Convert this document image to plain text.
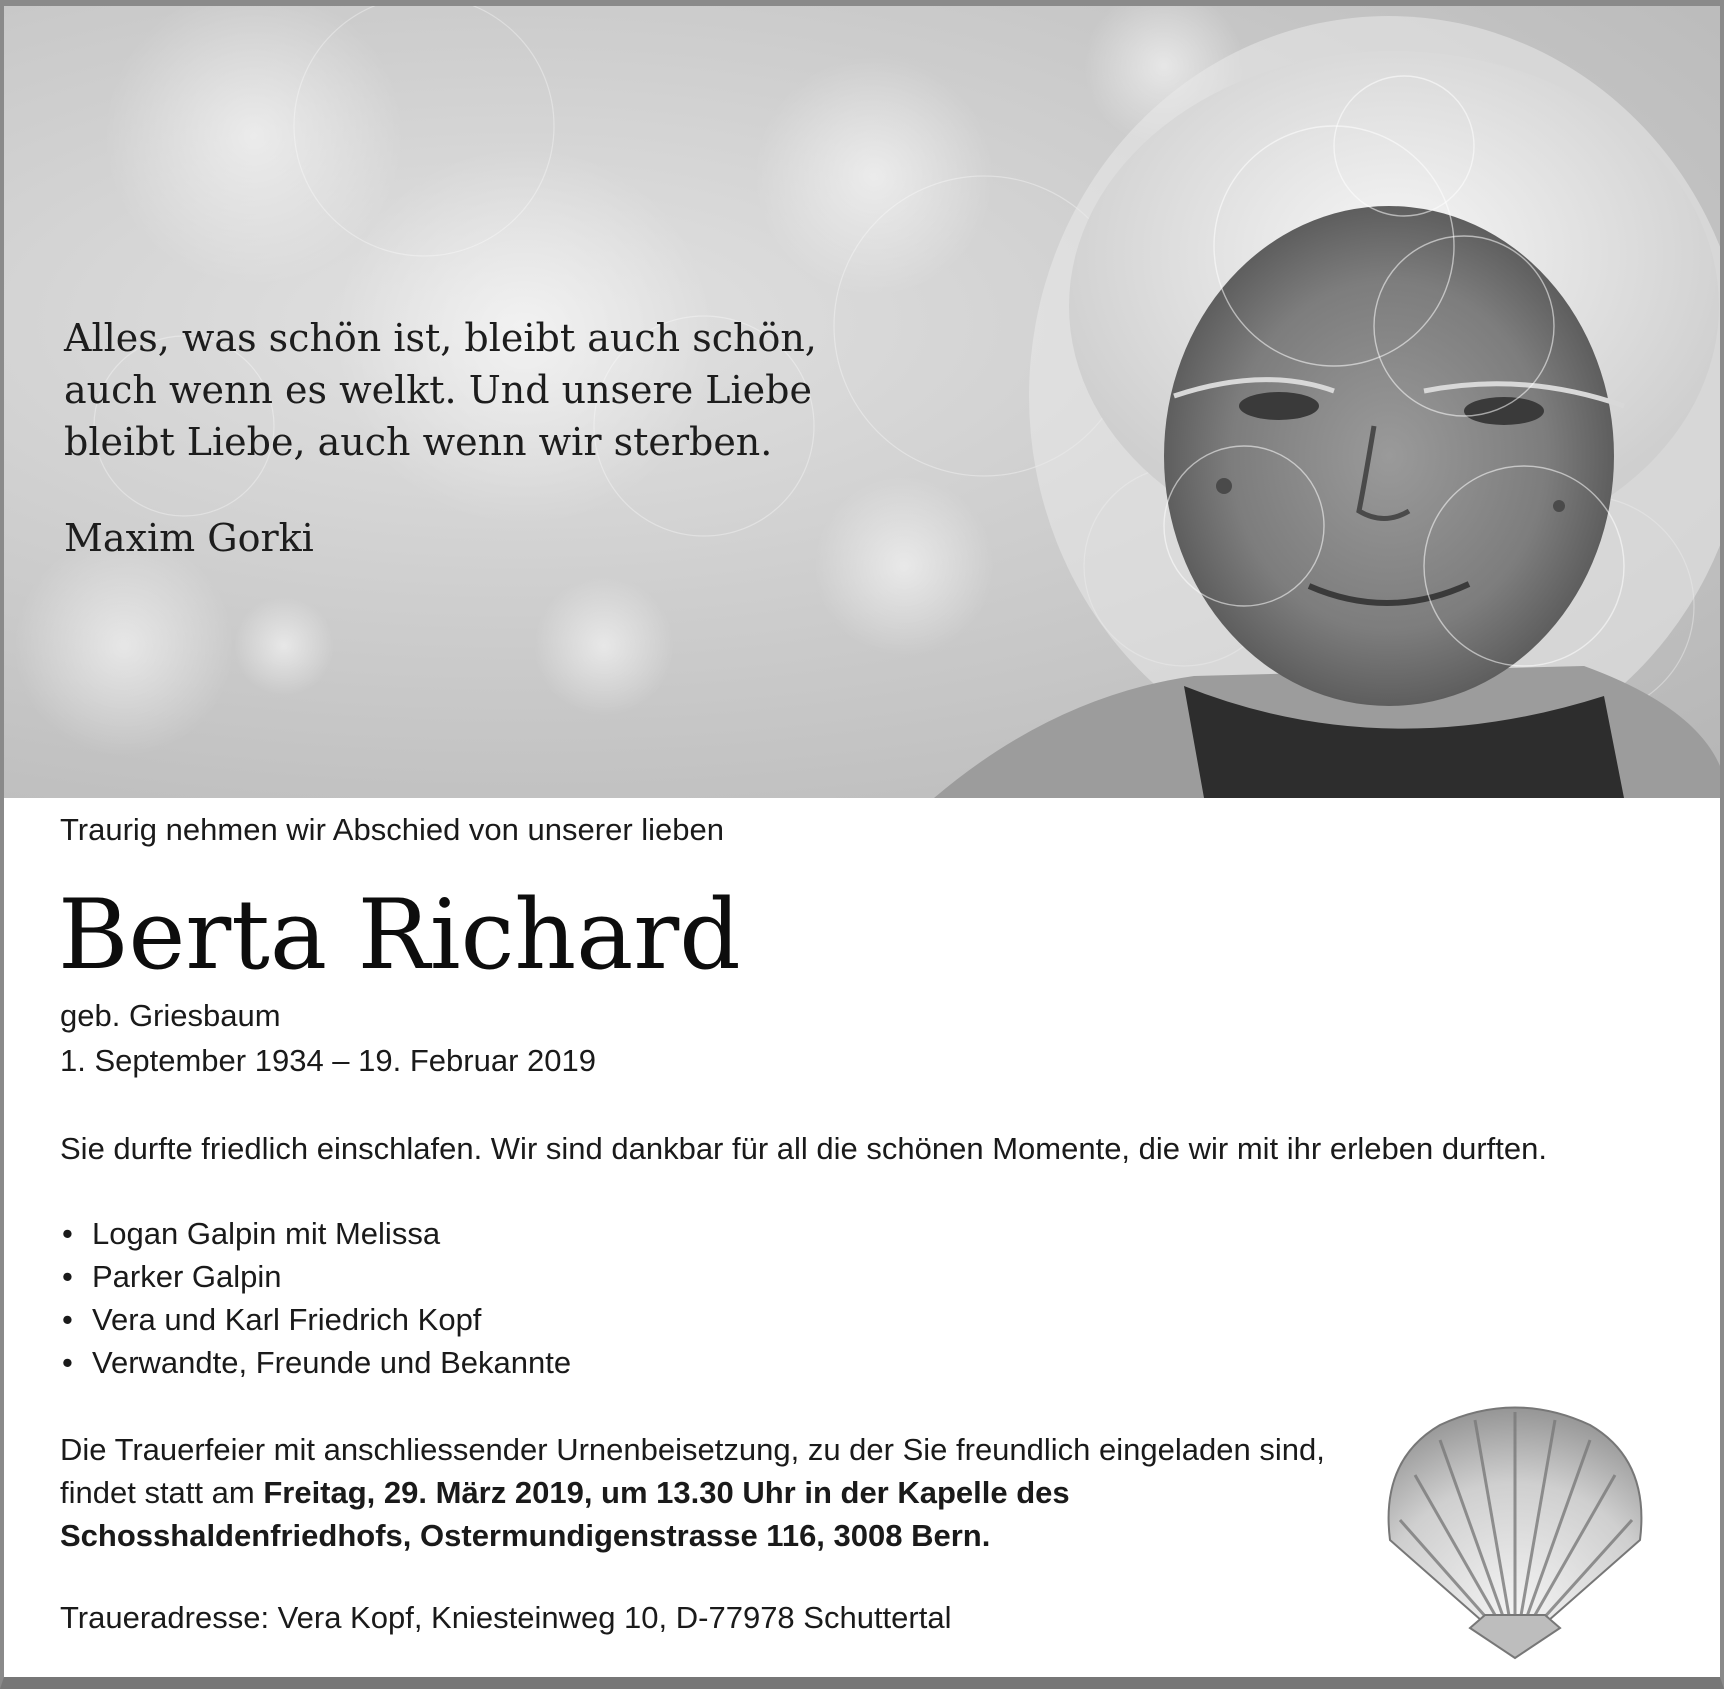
Alles, was schön ist, bleibt auch schön,
auch wenn es welkt. Und unsere Liebe
bleibt Liebe, auch wenn wir sterben.

Maxim Gorki

Traurig nehmen wir Abschied von unserer lieben
Berta Richard
geb. Griesbaum
1. September 1934 – 19. Februar 2019
Sie durfte friedlich einschlafen. Wir sind dankbar für all die schönen Momente, die wir mit ihr erleben durften.
• Logan Galpin mit Melissa
• Parker Galpin
• Vera und Karl Friedrich Kopf
• Verwandte, Freunde und Bekannte

Die Trauerfeier mit anschliessender Urnenbeisetzung, zu der Sie freundlich eingeladen sind, findet statt am Freitag, 29. März 2019, um 13.30 Uhr in der Kapelle des Schosshaldenfriedhofs, Ostermundigenstrasse 116, 3008 Bern.

Traueradresse: Vera Kopf, Kniesteinweg 10, D-77978 Schuttertal
